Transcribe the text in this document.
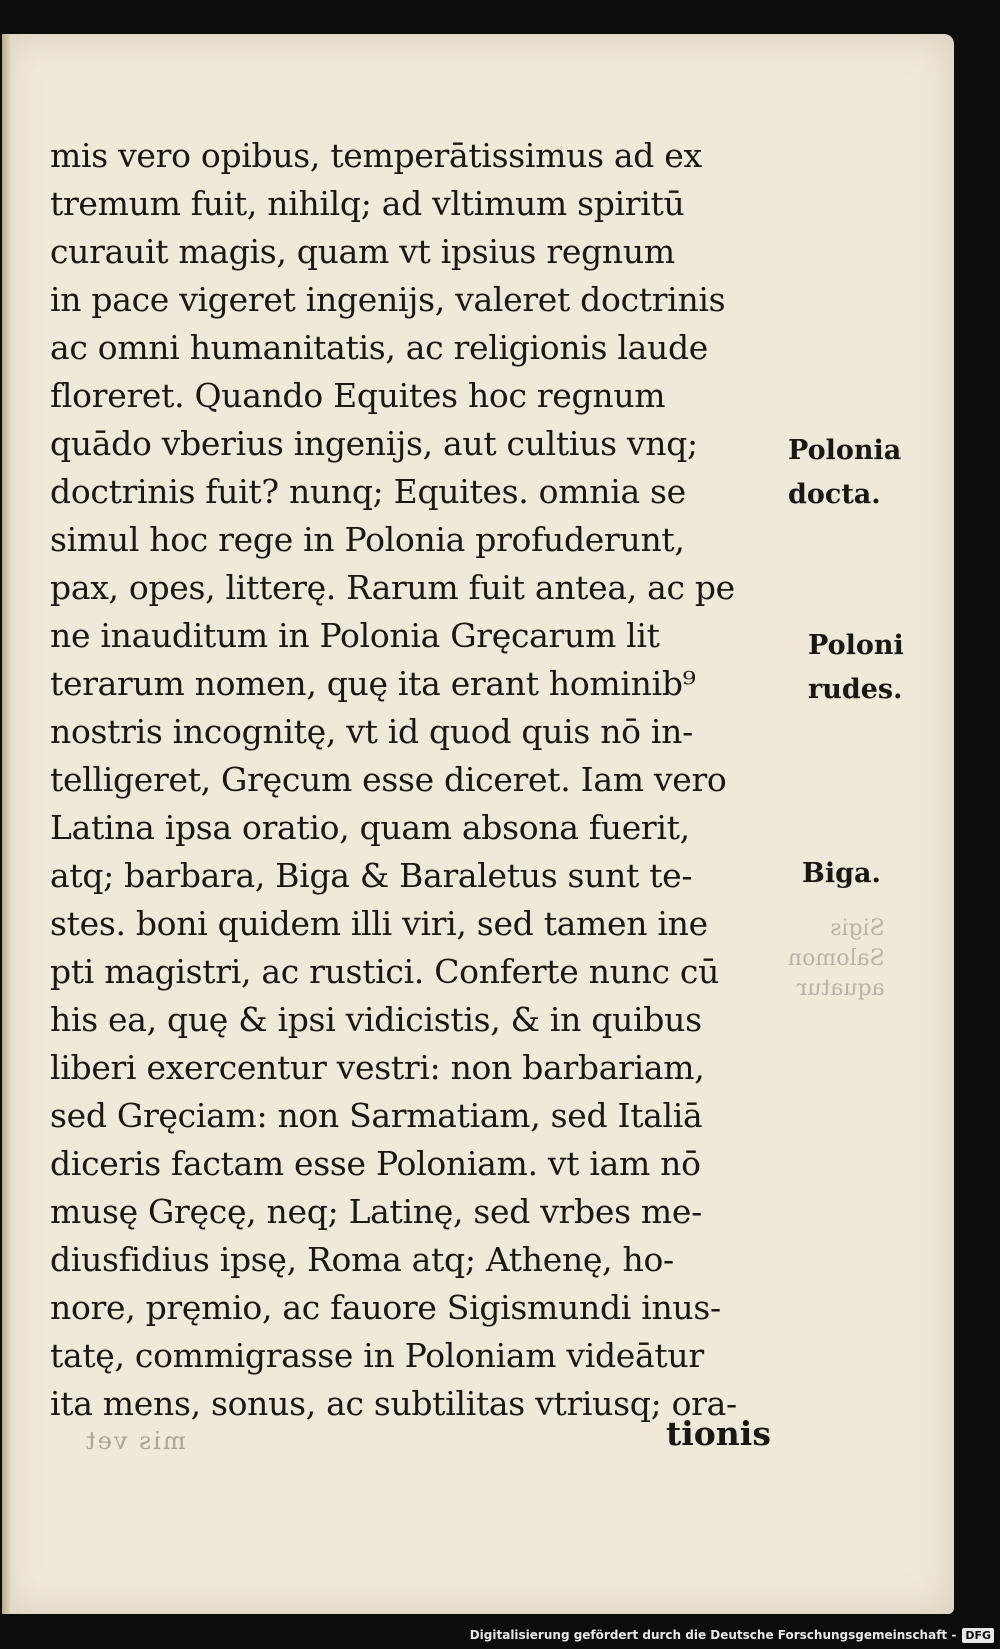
mis vero opibus, temperātissimus ad ex
tremum fuit, nihilq; ad vltimum spiritū
curauit magis, quam vt ipsius regnum
in pace vigeret ingenijs, valeret doctrinis
ac omni humanitatis, ac religionis laude
floreret. Quando Equites hoc regnum
quādo vberius ingenijs, aut cultius vnq;
doctrinis fuit? nunq; Equites. omnia se
simul hoc rege in Polonia profuderunt,
pax, opes, litterę. Rarum fuit antea, ac pe
ne inauditum in Polonia Gręcarum lit
terarum nomen, quę ita erant hominib⁹
nostris incognitę, vt id quod quis nō in-
telligeret, Gręcum esse diceret. Iam vero
Latina ipsa oratio, quam absona fuerit,
atq; barbara, Biga & Baraletus sunt te-
stes. boni quidem illi viri, sed tamen ine
pti magistri, ac rustici. Conferte nunc cū
his ea, quę & ipsi vidicistis, & in quibus
liberi exercentur vestri: non barbariam,
sed Gręciam: non Sarmatiam, sed Italiā
diceris factam esse Poloniam. vt iam nō
musę Gręcę, neq; Latinę, sed vrbes me-
diusfidius ipsę, Roma atq; Athenę, ho-
nore, pręmio, ac fauore Sigismundi inus-
tatę, commigrasse in Poloniam videātur
ita mens, sonus, ac subtilitas vtriusq; ora-
tionis
Polonia
docta.
Poloni
rudes.
Biga.
Sigis
Salomon
aquatur
mis vet
Digitalisierung gefördert durch die Deutsche Forschungsgemeinschaft - DFG
